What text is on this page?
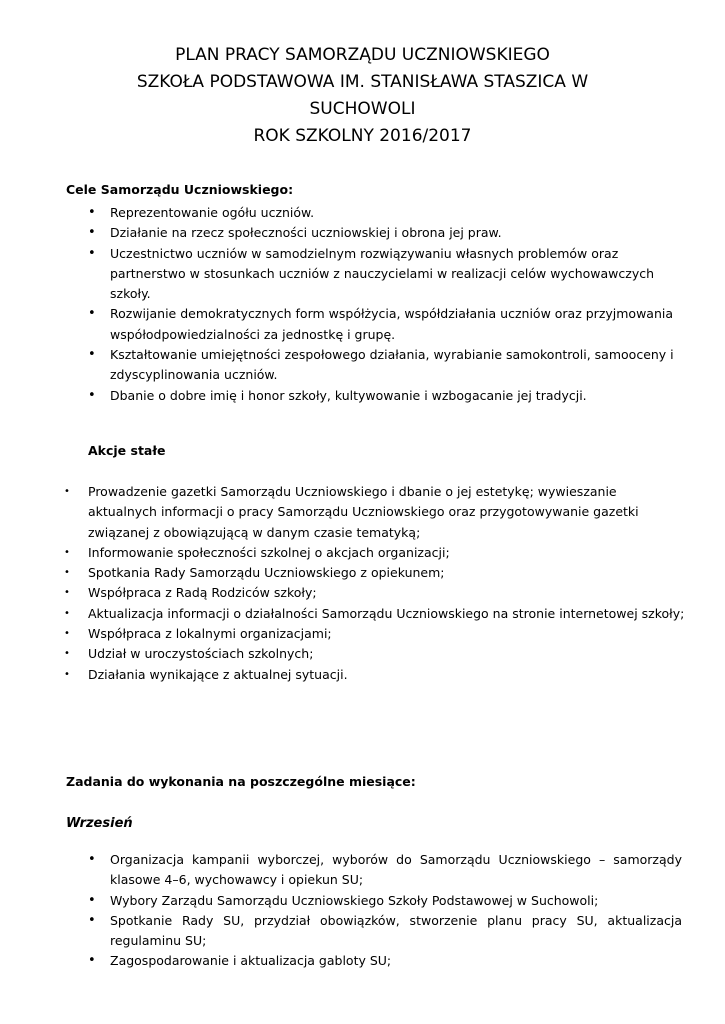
PLAN PRACY SAMORZĄDU UCZNIOWSKIEGO
SZKOŁA PODSTAWOWA IM. STANISŁAWA STASZICA W
SUCHOWOLI
ROK SZKOLNY 2016/2017

Cele Samorządu Uczniowskiego:

• Reprezentowanie ogółu uczniów.
• Działanie na rzecz społeczności uczniowskiej i obrona jej praw.
• Uczestnictwo uczniów w samodzielnym rozwiązywaniu własnych problemów oraz partnerstwo w stosunkach uczniów z nauczycielami w realizacji celów wychowawczych szkoły.
• Rozwijanie demokratycznych form współżycia, współdziałania uczniów oraz przyjmowania współodpowiedzialności za jednostkę i grupę.
• Kształtowanie umiejętności zespołowego działania, wyrabianie samokontroli, samooceny i zdyscyplinowania uczniów.
• Dbanie o dobre imię i honor szkoły, kultywowanie i wzbogacanie jej tradycji.

Akcje stałe

• Prowadzenie gazetki Samorządu Uczniowskiego i dbanie o jej estetykę; wywieszanie aktualnych informacji o pracy Samorządu Uczniowskiego oraz przygotowywanie gazetki związanej z obowiązującą w danym czasie tematyką;
• Informowanie społeczności szkolnej o akcjach organizacji;
• Spotkania Rady Samorządu Uczniowskiego z opiekunem;
• Współpraca z Radą Rodziców szkoły;
• Aktualizacja informacji o działalności Samorządu Uczniowskiego na stronie internetowej szkoły;
• Współpraca z lokalnymi organizacjami;
• Udział w uroczystościach szkolnych;
• Działania wynikające z aktualnej sytuacji.

Zadania do wykonania na poszczególne miesiące:

Wrzesień

• Organizacja kampanii wyborczej, wyborów do Samorządu Uczniowskiego – samorządy klasowe 4–6, wychowawcy i opiekun SU;
• Wybory Zarządu Samorządu Uczniowskiego Szkoły Podstawowej w Suchowoli;
• Spotkanie Rady SU, przydział obowiązków, stworzenie planu pracy SU, aktualizacja regulaminu SU;
• Zagospodarowanie i aktualizacja gabloty SU;
